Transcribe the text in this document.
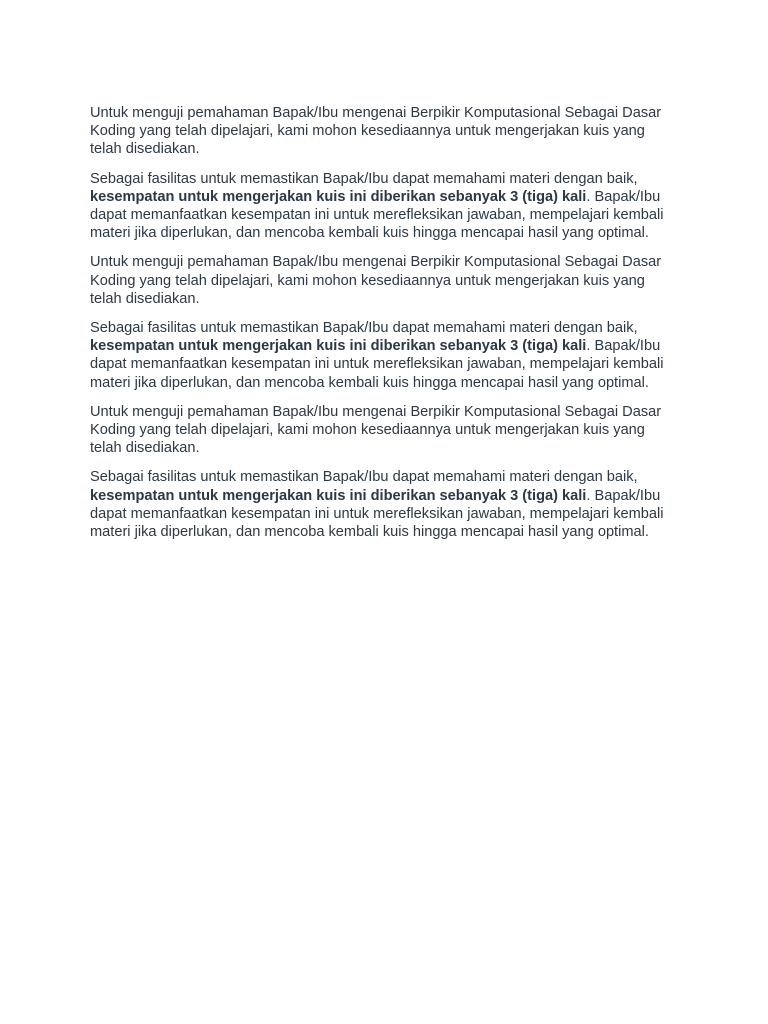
Untuk menguji pemahaman Bapak/Ibu mengenai Berpikir Komputasional Sebagai Dasar Koding yang telah dipelajari, kami mohon kesediaannya untuk mengerjakan kuis yang telah disediakan.

Sebagai fasilitas untuk memastikan Bapak/Ibu dapat memahami materi dengan baik, kesempatan untuk mengerjakan kuis ini diberikan sebanyak 3 (tiga) kali. Bapak/Ibu dapat memanfaatkan kesempatan ini untuk merefleksikan jawaban, mempelajari kembali materi jika diperlukan, dan mencoba kembali kuis hingga mencapai hasil yang optimal.

Untuk menguji pemahaman Bapak/Ibu mengenai Berpikir Komputasional Sebagai Dasar Koding yang telah dipelajari, kami mohon kesediaannya untuk mengerjakan kuis yang telah disediakan.

Sebagai fasilitas untuk memastikan Bapak/Ibu dapat memahami materi dengan baik, kesempatan untuk mengerjakan kuis ini diberikan sebanyak 3 (tiga) kali. Bapak/Ibu dapat memanfaatkan kesempatan ini untuk merefleksikan jawaban, mempelajari kembali materi jika diperlukan, dan mencoba kembali kuis hingga mencapai hasil yang optimal.

Untuk menguji pemahaman Bapak/Ibu mengenai Berpikir Komputasional Sebagai Dasar Koding yang telah dipelajari, kami mohon kesediaannya untuk mengerjakan kuis yang telah disediakan.

Sebagai fasilitas untuk memastikan Bapak/Ibu dapat memahami materi dengan baik, kesempatan untuk mengerjakan kuis ini diberikan sebanyak 3 (tiga) kali. Bapak/Ibu dapat memanfaatkan kesempatan ini untuk merefleksikan jawaban, mempelajari kembali materi jika diperlukan, dan mencoba kembali kuis hingga mencapai hasil yang optimal.
